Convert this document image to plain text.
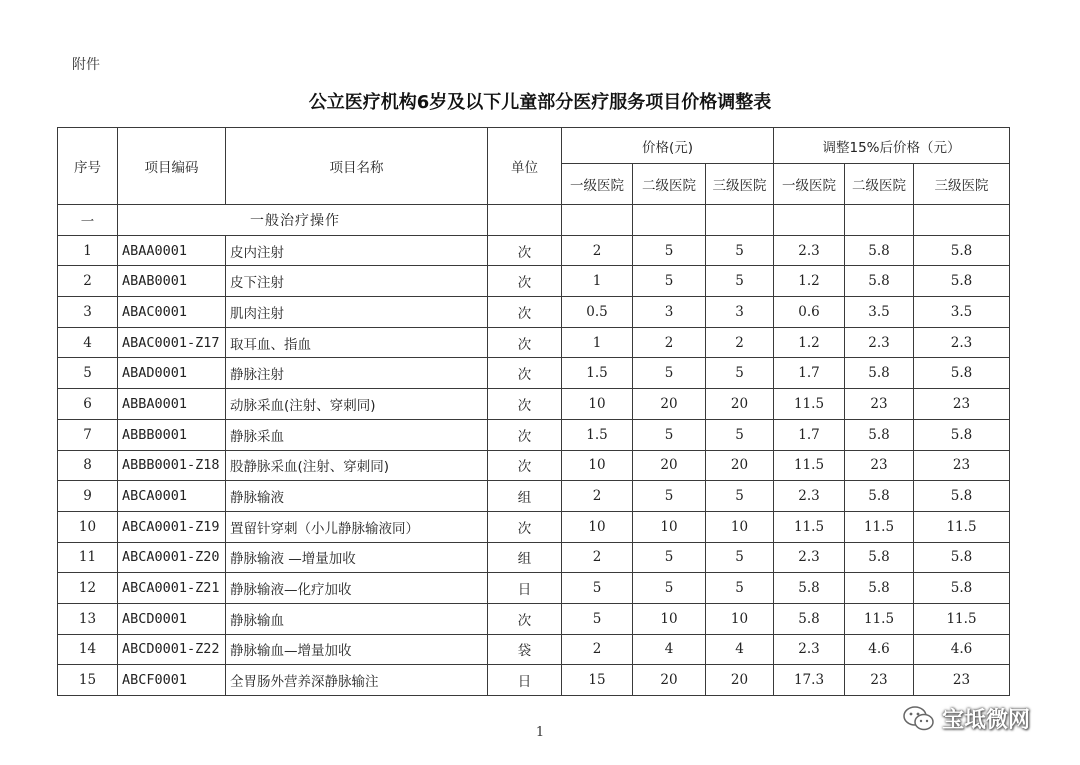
附件
公立医疗机构6岁及以下儿童部分医疗服务项目价格调整表
序号	项目编码	项目名称	单位	价格(元)			调整15%后价格（元）		
				一级医院	二级医院	三级医院	一级医院	二级医院	三级医院
一	一般治疗操作								
1	ABAA0001	皮内注射	次	2	5	5	2.3	5.8	5.8
2	ABAB0001	皮下注射	次	1	5	5	1.2	5.8	5.8
3	ABAC0001	肌肉注射	次	0.5	3	3	0.6	3.5	3.5
4	ABAC0001-Z17	取耳血、指血	次	1	2	2	1.2	2.3	2.3
5	ABAD0001	静脉注射	次	1.5	5	5	1.7	5.8	5.8
6	ABBA0001	动脉采血(注射、穿刺同)	次	10	20	20	11.5	23	23
7	ABBB0001	静脉采血	次	1.5	5	5	1.7	5.8	5.8
8	ABBB0001-Z18	股静脉采血(注射、穿刺同)	次	10	20	20	11.5	23	23
9	ABCA0001	静脉输液	组	2	5	5	2.3	5.8	5.8
10	ABCA0001-Z19	置留针穿刺（小儿静脉输液同）	次	10	10	10	11.5	11.5	11.5
11	ABCA0001-Z20	静脉输液 —增量加收	组	2	5	5	2.3	5.8	5.8
12	ABCA0001-Z21	静脉输液—化疗加收	日	5	5	5	5.8	5.8	5.8
13	ABCD0001	静脉输血	次	5	10	10	5.8	11.5	11.5
14	ABCD0001-Z22	静脉输血—增量加收	袋	2	4	4	2.3	4.6	4.6
15	ABCF0001	全胃肠外营养深静脉输注	日	15	20	20	17.3	23	23
1	宝坻微网
